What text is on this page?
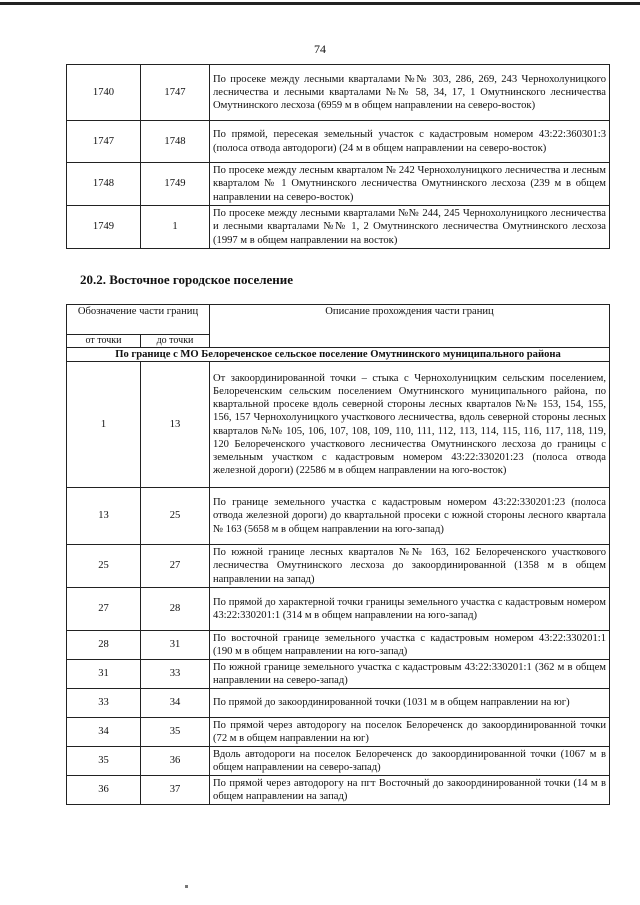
74
1740	1747	По просеке между лесными кварталами №№ 303, 286, 269, 243 Чернохолуницкого лесничества и лесными кварталами №№ 58, 34, 17, 1 Омутнинского лесничества Омутнинского лесхоза (6959 м в общем направлении на северо-восток)
1747	1748	По прямой, пересекая земельный участок с кадастровым номером 43:22:360301:3 (полоса отвода автодороги) (24 м в общем направлении на северо-восток)
1748	1749	По просеке между лесным кварталом № 242 Чернохолуницкого лесничества и лесным кварталом № 1 Омутнинского лесничества Омутнинского лесхоза (239 м в общем направлении на северо-восток)
1749	1	По просеке между лесными кварталами №№ 244, 245 Чернохолуницкого лесничества и лесными кварталами №№ 1, 2 Омутнинского лесничества Омутнинского лесхоза (1997 м в общем направлении на восток)
20.2. Восточное городское поселение
Обозначение части границ		Описание прохождения части границ
от точки	до точки	
По границе с МО Белореченское сельское поселение Омутнинского муниципального района		
1	13	От закоординированной точки – стыка с Чернохолуницким сельским поселением, Белореченским сельским поселением Омутнинского муниципального района, по квартальной просеке вдоль северной стороны лесных кварталов №№ 153, 154, 155, 156, 157 Чернохолуницкого участкового лесничества, вдоль северной стороны лесных кварталов №№ 105, 106, 107, 108, 109, 110, 111, 112, 113, 114, 115, 116, 117, 118, 119, 120 Белореченского участкового лесничества Омутнинского лесхоза до границы с земельным участком с кадастровым номером 43:22:330201:23 (полоса отвода железной дороги) (22586 м в общем направлении на юго-восток)
13	25	По границе земельного участка с кадастровым номером 43:22:330201:23 (полоса отвода железной дороги) до квартальной просеки с южной стороны лесного квартала № 163 (5658 м в общем направлении на юго-запад)
25	27	По южной границе лесных кварталов №№ 163, 162 Белореченского участкового лесничества Омутнинского лесхоза до закоординированной (1358 м в общем направлении на запад)
27	28	По прямой до характерной точки границы земельного участка с кадастровым номером 43:22:330201:1 (314 м в общем направлении на юго-запад)
28	31	По восточной границе земельного участка с кадастровым номером 43:22:330201:1 (190 м в общем направлении на юго-запад)
31	33	По южной границе земельного участка с кадастровым 43:22:330201:1 (362 м в общем направлении на северо-запад)
33	34	По прямой до закоординированной точки (1031 м в общем направлении на юг)
34	35	По прямой через автодорогу на поселок Белореченск до закоординированной точки (72 м в общем направлении на юг)
35	36	Вдоль автодороги на поселок Белореченск до закоординированной точки (1067 м в общем направлении на северо-запад)
36	37	По прямой через автодорогу на пгт Восточный до закоординированной точки (14 м в общем направлении на запад)
